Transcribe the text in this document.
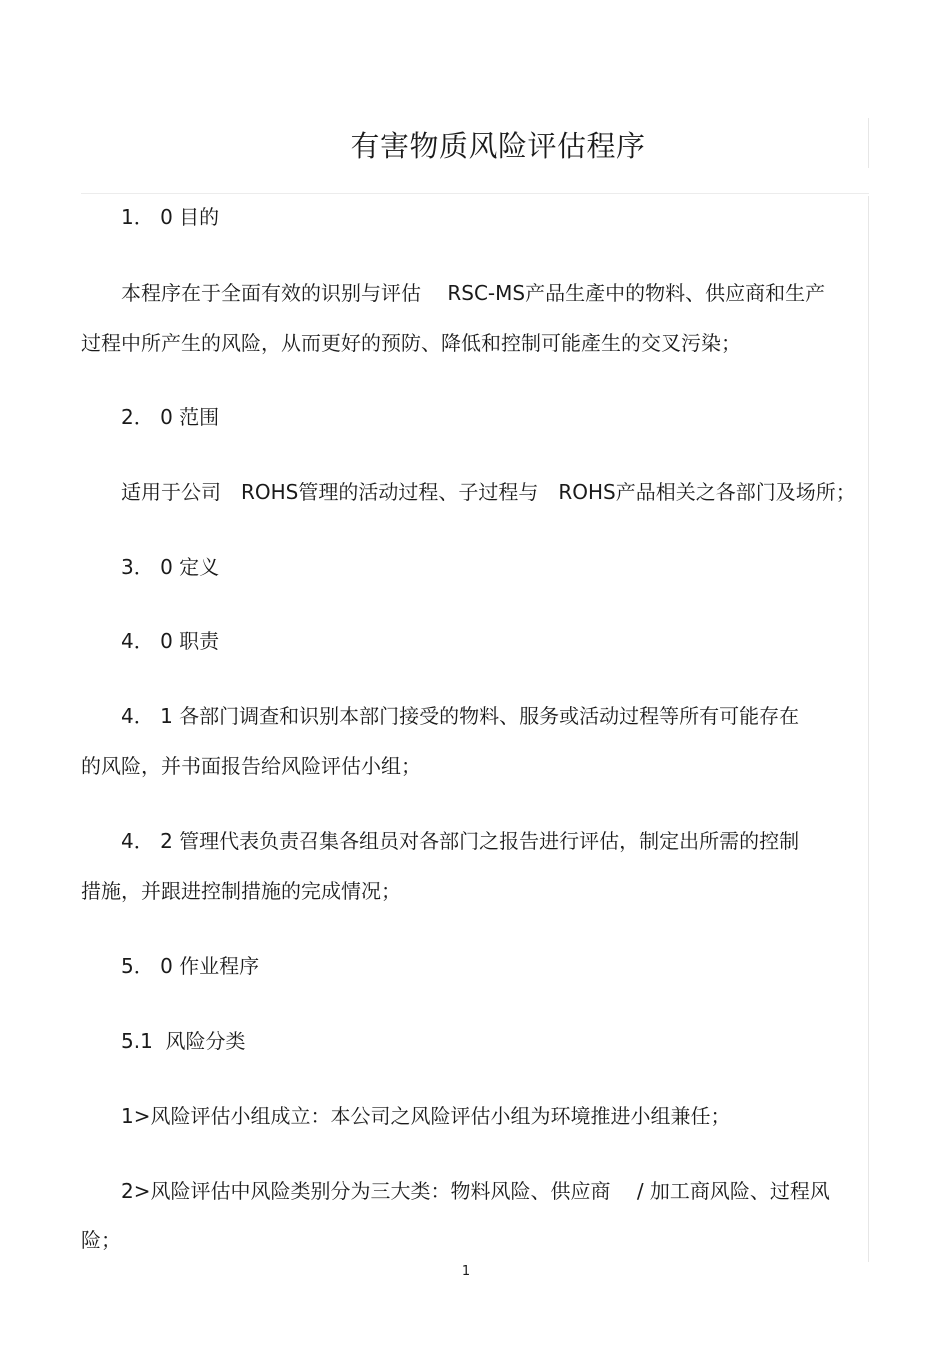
有害物质风险评估程序
1． 0 目的
本程序在于全面有效的识别与评估　 RSC-MS产品生產中的物料、供应商和生产
过程中所产生的风险，从而更好的预防、降低和控制可能產生的交叉污染；
2． 0 范围
适用于公司　ROHS管理的活动过程、子过程与　ROHS产品相关之各部门及场所；
3． 0 定义
4． 0 职责
4． 1 各部门调查和识别本部门接受的物料、服务或活动过程等所有可能存在
的风险，并书面报告给风险评估小组；
4． 2 管理代表负责召集各组员对各部门之报告进行评估，制定出所需的控制
措施，并跟进控制措施的完成情况；
5． 0 作业程序
5.1  风险分类
1>风险评估小组成立：本公司之风险评估小组为环境推进小组兼任；
2>风险评估中风险类别分为三大类：物料风险、供应商　 / 加工商风险、过程风
险；
1
